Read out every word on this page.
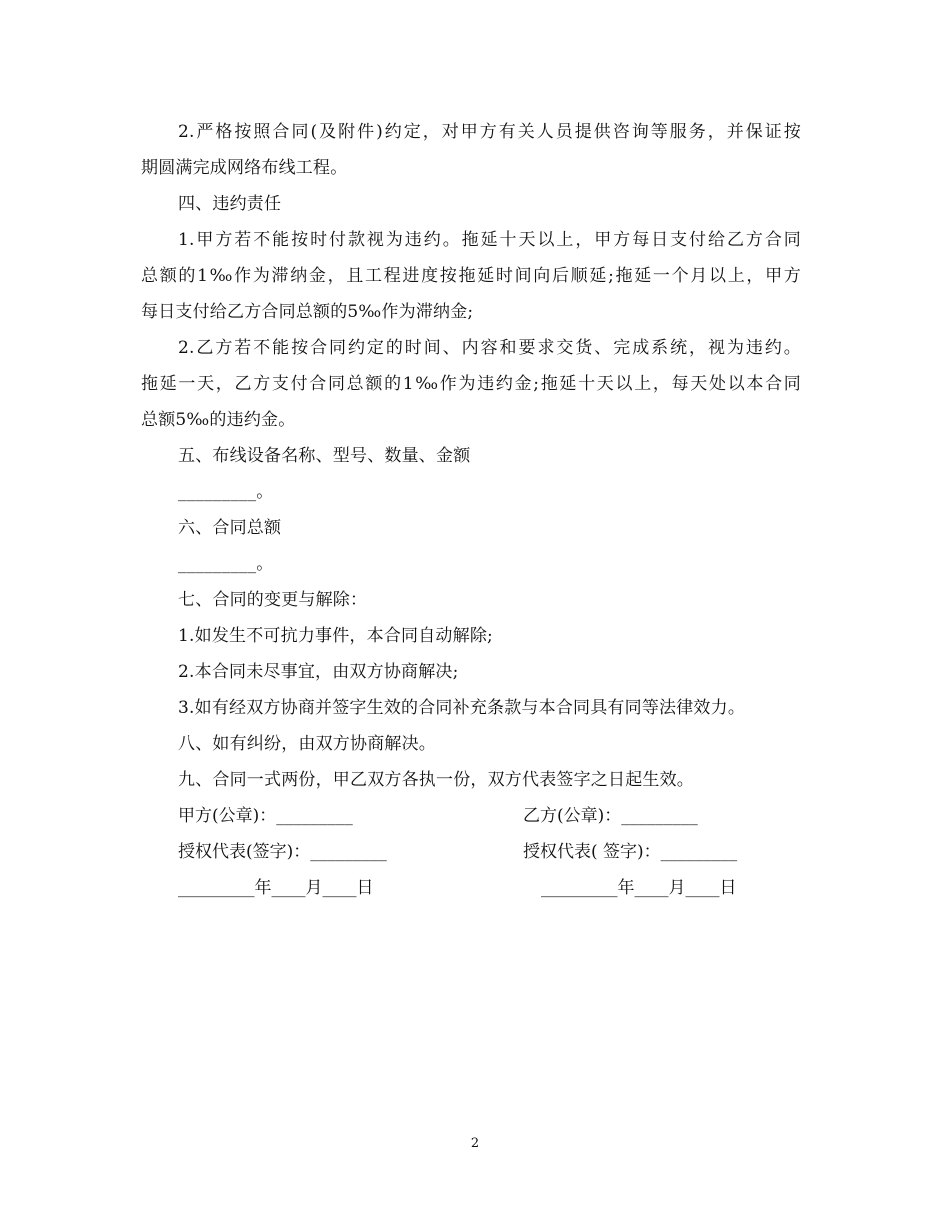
2.严格按照合同(及附件)约定，对甲方有关人员提供咨询等服务，并保证按
期圆满完成网络布线工程。
四、违约责任
1.甲方若不能按时付款视为违约。拖延十天以上，甲方每日支付给乙方合同
总额的1‰作为滞纳金，且工程进度按拖延时间向后顺延;拖延一个月以上，甲方
每日支付给乙方合同总额的5‰作为滞纳金;
2.乙方若不能按合同约定的时间、内容和要求交货、完成系统，视为违约。
拖延一天，乙方支付合同总额的1‰作为违约金;拖延十天以上，每天处以本合同
总额5‰的违约金。
五、布线设备名称、型号、数量、金额
_________。
六、合同总额
_________。
七、合同的变更与解除：
1.如发生不可抗力事件，本合同自动解除;
2.本合同未尽事宜，由双方协商解决;
3.如有经双方协商并签字生效的合同补充条款与本合同具有同等法律效力。
八、如有纠纷，由双方协商解决。
九、合同一式两份，甲乙双方各执一份，双方代表签字之日起生效。
甲方(公章)：_________	乙方(公章)：_________
授权代表(签字)：_________	授权代表( 签字)：_________
_________年____月____日	_________年____月____日
2
